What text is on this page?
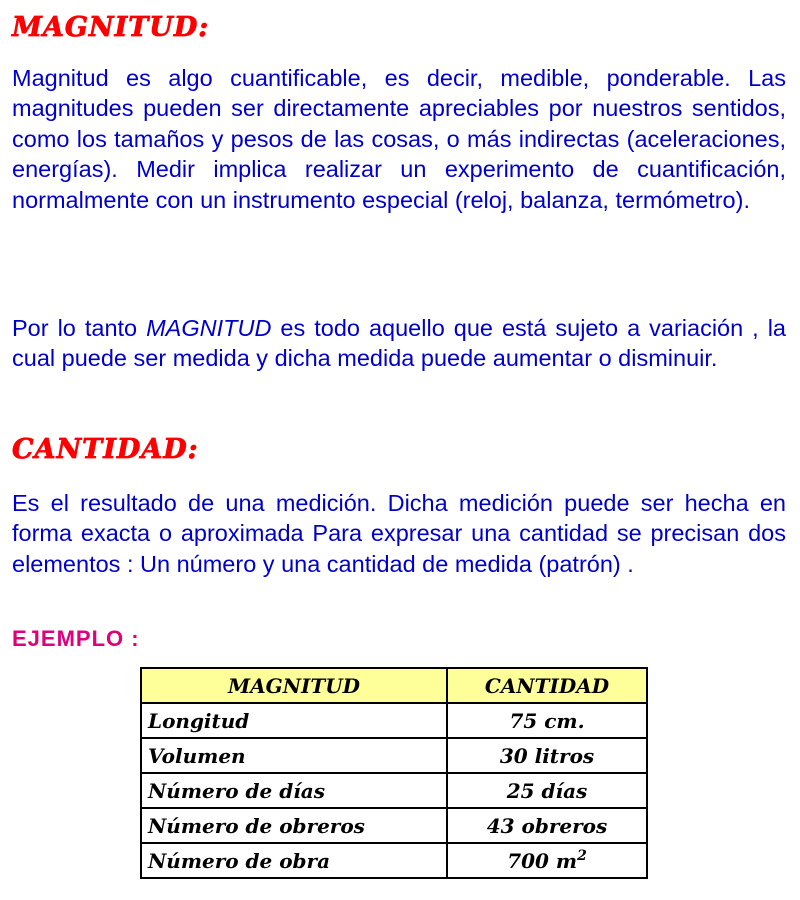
MAGNITUD:

Magnitud es algo cuantificable, es decir, medible, ponderable. Las magnitudes pueden ser directamente apreciables por nuestros sentidos, como los tamaños y pesos de las cosas, o más indirectas (aceleraciones, energías). Medir implica realizar un experimento de cuantificación, normalmente con un instrumento especial (reloj, balanza, termómetro).

Por lo tanto MAGNITUD es todo aquello que está sujeto a variación , la cual puede ser medida y dicha medida puede aumentar o disminuir.

CANTIDAD:

Es el resultado de una medición. Dicha medición puede ser hecha en forma exacta o aproximada Para expresar una cantidad se precisan dos elementos : Un número y una cantidad de medida (patrón) .

EJEMPLO :

MAGNITUD	CANTIDAD
Longitud	75 cm.
Volumen	30 litros
Número de días	25 días
Número de obreros	43 obreros
Número de obra	700 $m^2$
